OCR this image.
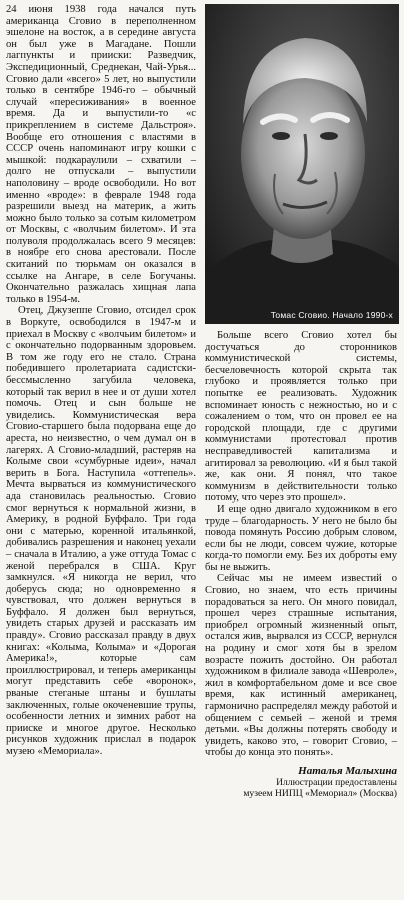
24 июня 1938 года начался путь американца Сговио в переполненном эшелоне на восток, а в середине августа он был уже в Магадане. Пошли лагпункты и прииски: Разведчик, Экспедиционный, Среднекан, Чай-Урья... Сговио дали «всего» 5 лет, но выпустили только в сентябре 1946-го – обычный случай «пересиживания» в военное время. Да и выпустили-то «с прикреплением в системе Дальстроя». Вообще его отношения с властями в СССР очень напоминают игру кошки с мышкой: подкараулили – схватили – долго не отпускали – выпустили наполовину – вроде освободили. Но вот именно «вроде»: в феврале 1948 года разрешили выезд на материк, а жить можно было только за сотым километром от Москвы, с «волчьим билетом». И эта полуволя продолжалась всего 9 месяцев: в ноябре его снова арестовали. После скитаний по тюрьмам он оказался в ссылке на Ангаре, в селе Богучаны. Окончательно разжалась хищная лапа только в 1954-м.

Отец, Джузеппе Сговио, отсидел срок в Воркуте, освободился в 1947-м и приехал в Москву с «волчьим билетом» и с окончательно подорванным здоровьем. В том же году его не стало. Страна победившего пролетариата садистски-бессмысленно загубила человека, который так верил в нее и от души хотел помочь. Отец и сын больше не увиделись. Коммунистическая вера Сговио-старшего была подорвана еще до ареста, но неизвестно, о чем думал он в лагерях. А Сговио-младший, растеряв на Колыме свои «сумбурные идеи», начал верить в Бога. Наступила «оттепель». Мечта вырваться из коммунистического ада становилась реальностью. Сговио смог вернуться к нормальной жизни, в Америку, в родной Буффало. Три года они с матерью, коренной итальянкой, добивались разрешения и наконец уехали – сначала в Италию, а уже оттуда Томас с женой перебрался в США. Круг замкнулся. «Я никогда не верил, что доберусь сюда; но одновременно я чувствовал, что должен вернуться в Буффало. Я должен был вернуться, увидеть старых друзей и рассказать им правду». Сговио рассказал правду в двух книгах: «Колыма, Колыма» и «Дорогая Америка!», которые сам проиллюстрировал, и теперь американцы могут представить себе «воронок», рваные стеганые штаны и бушлаты заключенных, голые окоченевшие трупы, особенности летних и зимних работ на прииске и многое другое. Несколько рисунков художник прислал в подарок музею «Мемориала».

Томас Сговио. Начало 1990-х

Больше всего Сговио хотел бы достучаться до сторонников коммунистической системы, бесчеловечность которой скрыта так глубоко и проявляется только при попытке ее реализовать. Художник вспоминает юность с нежностью, но и с сожалением о том, что он провел ее на городской площади, где с другими коммунистами протестовал против несправедливостей капитализма и агитировал за революцию. «И я был такой же, как они. Я понял, что такое коммунизм в действительности только потому, что через это прошел».

И еще одно двигало художником в его труде – благодарность. У него не было бы повода помянуть Россию добрым словом, если бы не люди, совсем чужие, которые когда-то помогли ему. Без их доброты ему бы не выжить.

Сейчас мы не имеем известий о Сговио, но знаем, что есть причины порадоваться за него. Он много повидал, прошел через страшные испытания, приобрел огромный жизненный опыт, остался жив, вырвался из СССР, вернулся на родину и смог хотя бы в зрелом возрасте пожить достойно. Он работал художником в филиале завода «Шевроле», жил в комфортабельном доме и все свое время, как истинный американец, гармонично распределял между работой и общением с семьей – женой и тремя детьми. «Вы должны потерять свободу и увидеть, каково это, – говорит Сговио, – чтобы до конца это понять».

Наталья Малыхина
Иллюстрации предоставлены
музеем НИПЦ «Мемориал» (Москва)
